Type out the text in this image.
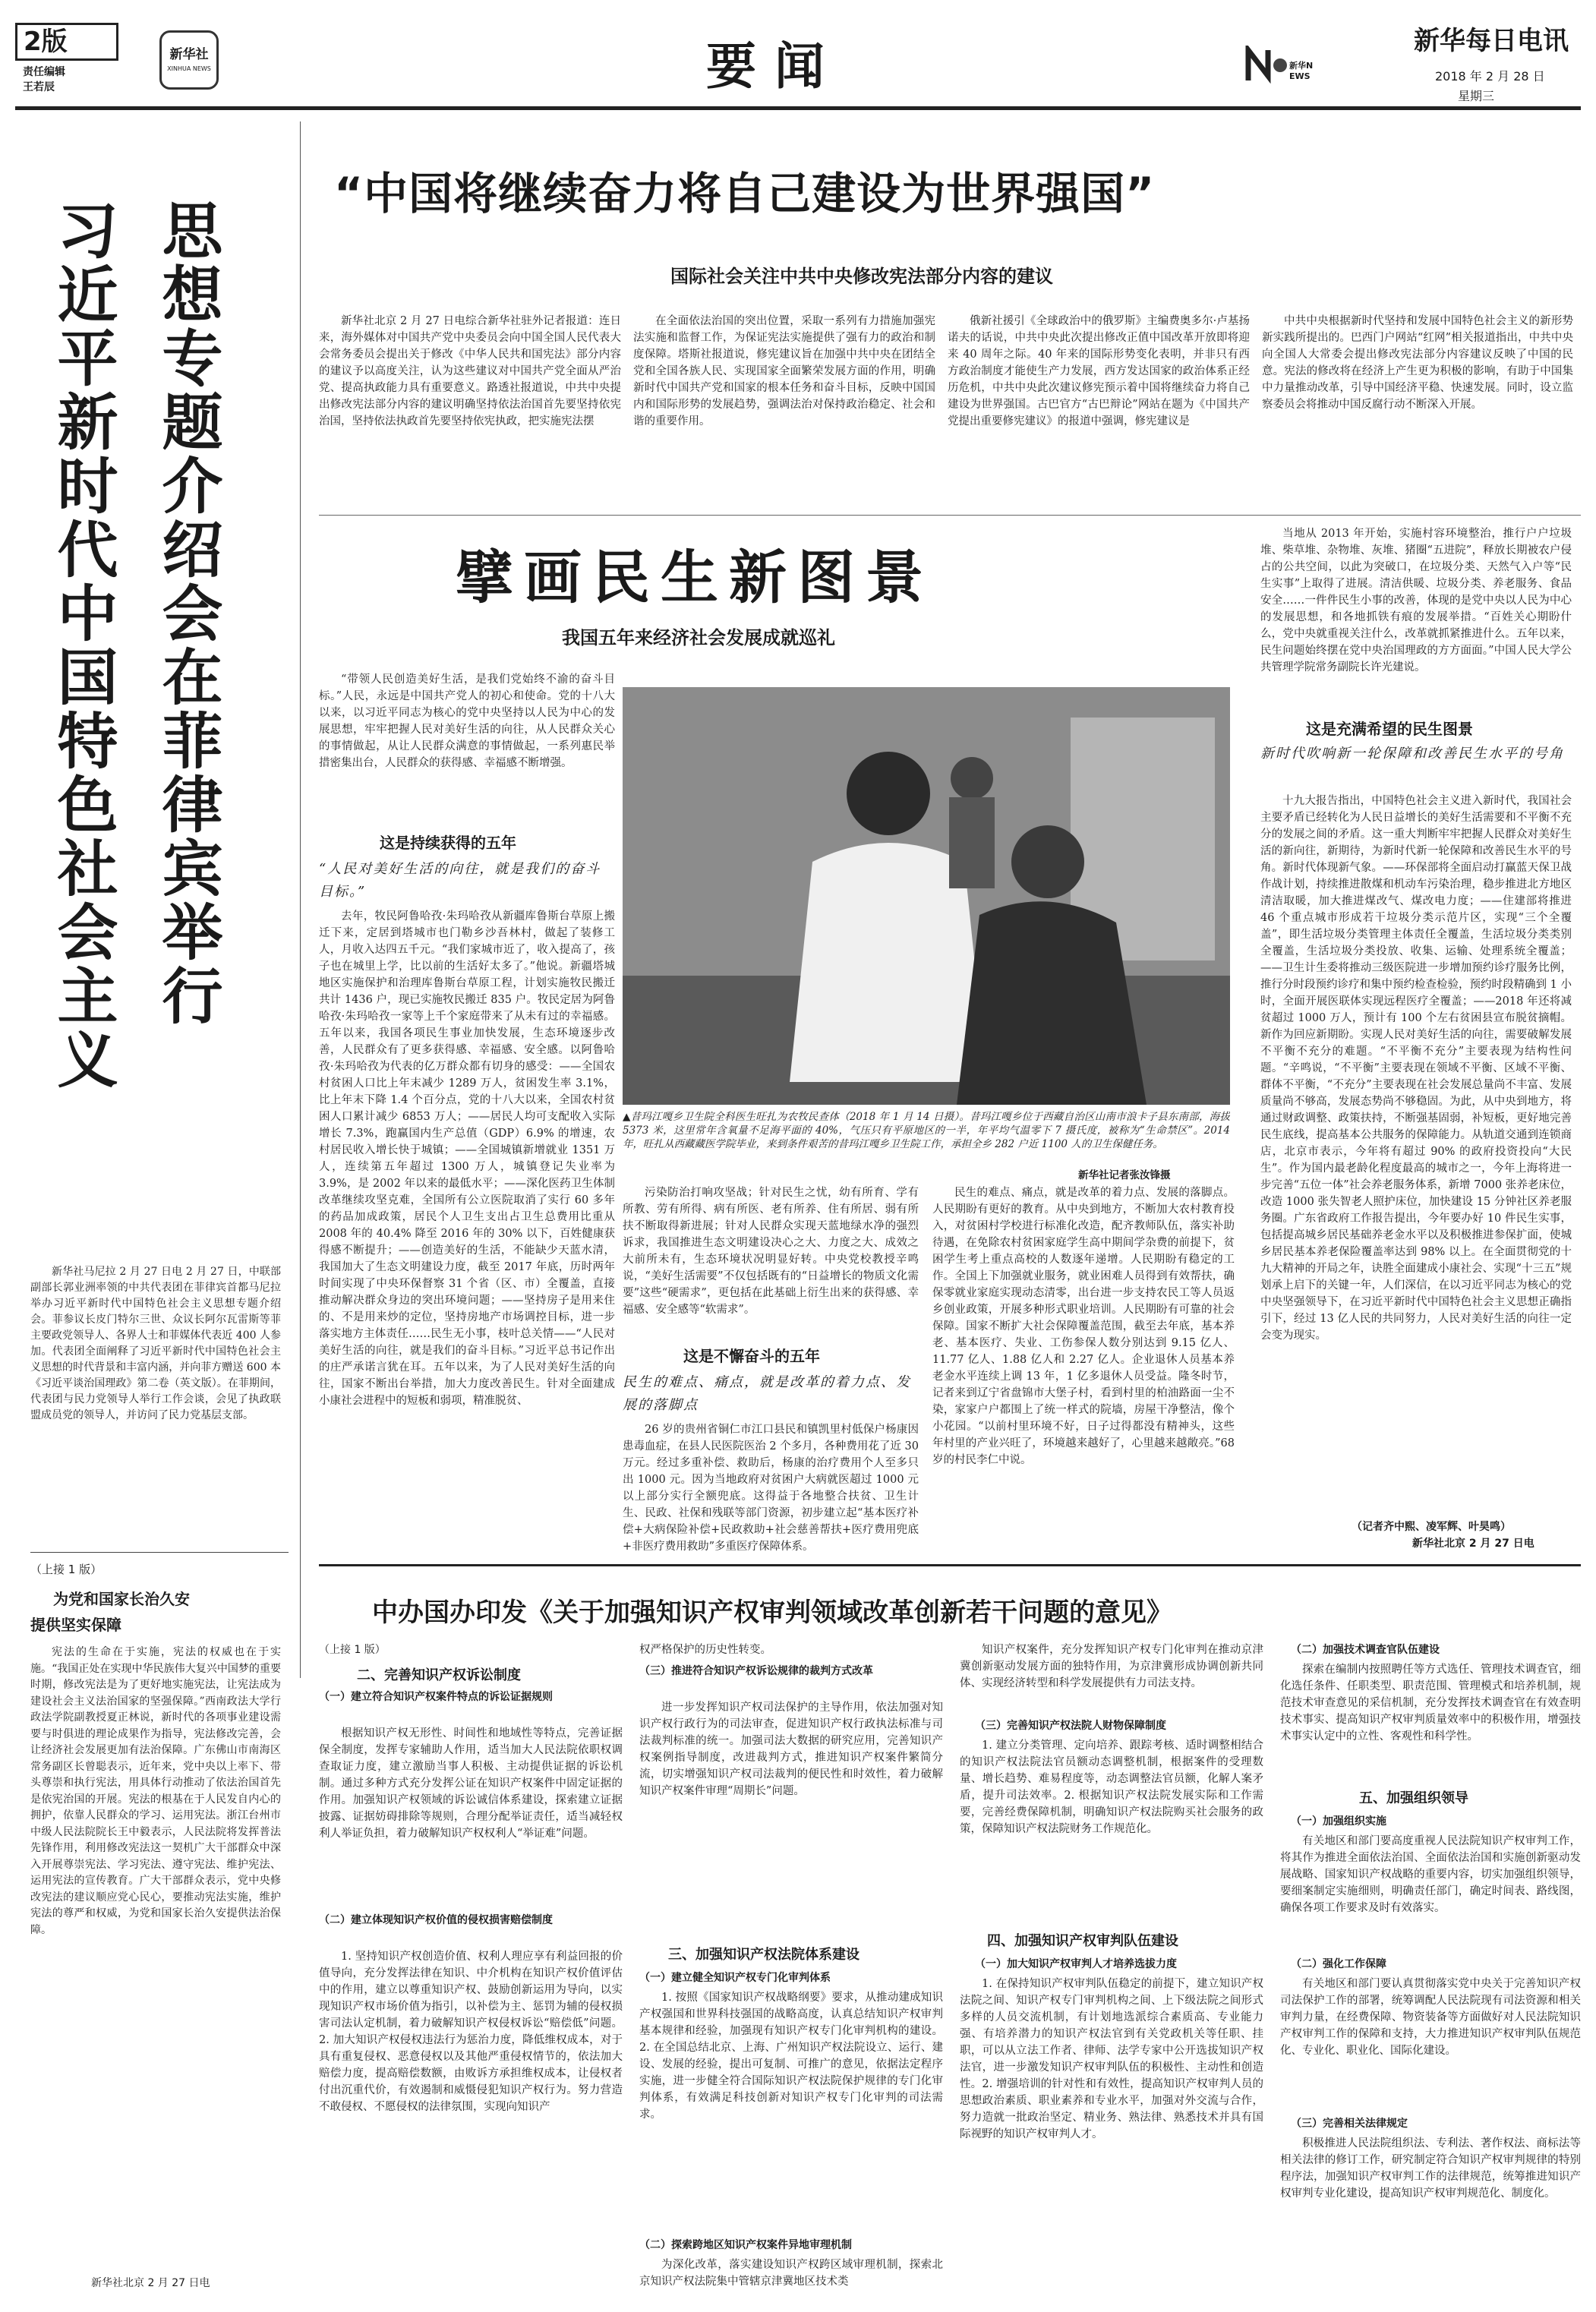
2版
责任编辑
王若辰
新华社
XINHUA NEWS	要闻	新华N EWS
新华每日电讯
2018 年 2 月 28 日
星期三
“中国将继续奋力将自己建设为世界强国”
国际社会关注中共中央修改宪法部分内容的建议

新华社北京 2 月 27 日电综合新华社驻外记者报道：连日来，海外媒体对中国共产党中央委员会向中国全国人民代表大会常务委员会提出关于修改《中华人民共和国宪法》部分内容的建议予以高度关注，认为这些建议对中国共产党全面从严治党、提高执政能力具有重要意义。路透社报道说，中共中央提出修改宪法部分内容的建议明确坚持依法治国首先要坚持依宪治国，坚持依法执政首先要坚持依宪执政，把实施宪法摆

在全面依法治国的突出位置，采取一系列有力措施加强宪法实施和监督工作，为保证宪法实施提供了强有力的政治和制度保障。塔斯社报道说，修宪建议旨在加强中共中央在团结全党和全国各族人民、实现国家全面繁荣发展方面的作用，明确新时代中国共产党和国家的根本任务和奋斗目标，反映中国国内和国际形势的发展趋势，强调法治对保持政治稳定、社会和谐的重要作用。

俄新社援引《全球政治中的俄罗斯》主编费奥多尔·卢基扬诺夫的话说，中共中央此次提出修改正值中国改革开放即将迎来 40 周年之际。40 年来的国际形势变化表明，并非只有西方政治制度才能使生产力发展，西方发达国家的政治体系正经历危机，中共中央此次建议修宪预示着中国将继续奋力将自己建设为世界强国。古巴官方“古巴辩论”网站在题为《中国共产党提出重要修宪建议》的报道中强调，修宪建议是

中共中央根据新时代坚持和发展中国特色社会主义的新形势新实践所提出的。巴西门户网站“红网”相关报道指出，中共中央向全国人大常委会提出修改宪法部分内容建议反映了中国的民意。宪法的修改将在经济上产生更为积极的影响，有助于中国集中力量推动改革，引导中国经济平稳、快速发展。同时，设立监察委员会将推动中国反腐行动不断深入开展。

习近平新时代中国特色社会主义 思想专题介绍会在菲律宾举行

新华社马尼拉 2 月 27 日电 2 月 27 日，中联部副部长郭业洲率领的中共代表团在菲律宾首都马尼拉举办习近平新时代中国特色社会主义思想专题介绍会。菲参议长皮门特尔三世、众议长阿尔瓦雷斯等菲主要政党领导人、各界人士和菲媒体代表近 400 人参加。代表团全面阐释了习近平新时代中国特色社会主义思想的时代背景和丰富内涵，并向菲方赠送 600 本《习近平谈治国理政》第二卷（英文版）。在菲期间，代表团与民力党领导人举行工作会谈，会见了执政联盟成员党的领导人，并访问了民力党基层支部。

（上接 1 版）
为党和国家长治久安
提供坚实保障

宪法的生命在于实施，宪法的权威也在于实施。“我国正处在实现中华民族伟大复兴中国梦的重要时期，修改宪法是为了更好地实施宪法，让宪法成为建设社会主义法治国家的坚强保障。”西南政法大学行政法学院副教授夏正林说，新时代的各项事业建设需要与时俱进的理论成果作为指导，宪法修改完善，会让经济社会发展更加有法治保障。广东佛山市南海区常务副区长曾聪表示，近年来，党中央以上率下、带头尊崇和执行宪法，用具体行动推动了依法治国首先是依宪治国的开展。宪法的根基在于人民发自内心的拥护，依靠人民群众的学习、运用宪法。浙江台州市中级人民法院院长王中毅表示，人民法院将发挥普法先锋作用，利用修改宪法这一契机广大干部群众中深入开展尊崇宪法、学习宪法、遵守宪法、维护宪法、运用宪法的宣传教育。广大干部群众表示，党中央修改宪法的建议顺应党心民心，要推动宪法实施，维护宪法的尊严和权威，为党和国家长治久安提供法治保障。

新华社北京 2 月 27 日电
擘画民生新图景
我国五年来经济社会发展成就巡礼

“带领人民创造美好生活，是我们党始终不渝的奋斗目标。”人民，永远是中国共产党人的初心和使命。党的十八大以来，以习近平同志为核心的党中央坚持以人民为中心的发展思想，牢牢把握人民对美好生活的向往，从人民群众关心的事情做起，从让人民群众满意的事情做起，一系列惠民举措密集出台，人民群众的获得感、幸福感不断增强。

这是持续获得的五年
“人民对美好生活的向往，就是我们的奋斗目标。”

去年，牧民阿鲁哈孜·朱玛哈孜从新疆库鲁斯台草原上搬迁下来，定居到塔城市也门勒乡沙吾林村，做起了装修工人，月收入达四五千元。“我们家城市近了，收入提高了，孩子也在城里上学，比以前的生活好太多了。”他说。新疆塔城地区实施保护和治理库鲁斯台草原工程，计划实施牧民搬迁共计 1436 户，现已实施牧民搬迁 835 户。牧民定居为阿鲁哈孜·朱玛哈孜一家等上千个家庭带来了从未有过的幸福感。五年以来，我国各项民生事业加快发展，生态环境逐步改善，人民群众有了更多获得感、幸福感、安全感。以阿鲁哈孜·朱玛哈孜为代表的亿万群众都有切身的感受：——全国农村贫困人口比上年末减少 1289 万人，贫困发生率 3.1%，比上年末下降 1.4 个百分点，党的十八大以来，全国农村贫困人口累计减少 6853 万人；——居民人均可支配收入实际增长 7.3%，跑赢国内生产总值（GDP）6.9% 的增速，农村居民收入增长快于城镇；——全国城镇新增就业 1351 万人，连续第五年超过 1300 万人，城镇登记失业率为 3.9%，是 2002 年以来的最低水平；——深化医药卫生体制改革继续攻坚克难，全国所有公立医院取消了实行 60 多年的药品加成政策，居民个人卫生支出占卫生总费用比重从 2008 年的 40.4% 降至 2016 年的 30% 以下，百姓健康获得感不断提升；——创造美好的生活，不能缺少天蓝水清，我国加大了生态文明建设力度，截至 2017 年底，历时两年时间实现了中央环保督察 31 个省（区、市）全覆盖，直接推动解决群众身边的突出环境问题；——坚持房子是用来住的、不是用来炒的定位，坚持房地产市场调控目标，进一步落实地方主体责任……民生无小事，枝叶总关情——“人民对美好生活的向往，就是我们的奋斗目标。”习近平总书记作出的庄严承诺言犹在耳。五年以来，为了人民对美好生活的向往，国家不断出台举措，加大力度改善民生。针对全面建成小康社会进程中的短板和弱项，精准脱贫、

▲昔玛江嘎乡卫生院全科医生旺扎为农牧民查体（2018 年 1 月 14 日摄）。昔玛江嘎乡位于西藏自治区山南市浪卡子县东南部，海拔 5373 米，这里常年含氧量不足海平面的 40%，气压只有平原地区的一半，年平均气温零下 7 摄氏度，被称为“生命禁区”。2014 年，旺扎从西藏藏医学院毕业，来到条件艰苦的昔玛江嘎乡卫生院工作，承担全乡 282 户近 1100 人的卫生保健任务。
新华社记者张汝锋摄

污染防治打响攻坚战；针对民生之忧，幼有所育、学有所教、劳有所得、病有所医、老有所养、住有所居、弱有所扶不断取得新进展；针对人民群众实现天蓝地绿水净的强烈诉求，我国推进生态文明建设决心之大、力度之大、成效之大前所未有，生态环境状况明显好转。中央党校教授辛鸣说，“美好生活需要”不仅包括既有的“日益增长的物质文化需要”这些“硬需求”，更包括在此基础上衍生出来的获得感、幸福感、安全感等“软需求”。

这是不懈奋斗的五年
民生的难点、痛点，就是改革的着力点、发展的落脚点

26 岁的贵州省铜仁市江口县民和镇凯里村低保户杨康因患毒血症，在县人民医院医治 2 个多月，各种费用花了近 30 万元。经过多重补偿、救助后，杨康的治疗费用个人至多只出 1000 元。因为当地政府对贫困户大病就医超过 1000 元以上部分实行全额兜底。这得益于各地整合扶贫、卫生计生、民政、社保和残联等部门资源，初步建立起“基本医疗补偿+大病保险补偿+民政救助+社会慈善帮扶+医疗费用兜底+非医疗费用救助”多重医疗保障体系。

民生的难点、痛点，就是改革的着力点、发展的落脚点。人民期盼有更好的教育。从中央到地方，不断加大农村教育投入，对贫困村学校进行标准化改造，配齐教师队伍，落实补助待遇，在免除农村贫困家庭学生高中期间学杂费的前提下，贫困学生考上重点高校的人数逐年递增。人民期盼有稳定的工作。全国上下加强就业服务，就业困难人员得到有效帮扶，确保零就业家庭实现动态清零，出台进一步支持农民工等人员返乡创业政策，开展多种形式职业培训。人民期盼有可靠的社会保障。国家不断扩大社会保障覆盖范围，截至去年底，基本养老、基本医疗、失业、工伤参保人数分别达到 9.15 亿人、11.77 亿人、1.88 亿人和 2.27 亿人。企业退休人员基本养老金水平连续上调 13 年，1 亿多退休人员受益。隆冬时节，记者来到辽宁省盘锦市大堡子村，看到村里的柏油路面一尘不染，家家户户都围上了统一样式的院墙，房屋干净整洁，像个小花园。“以前村里环境不好，日子过得都没有精神头，这些年村里的产业兴旺了，环境越来越好了，心里越来越敞亮。”68 岁的村民李仁中说。

当地从 2013 年开始，实施村容环境整治，推行户户垃圾堆、柴草堆、杂物堆、灰堆、猪圈“五进院”，释放长期被农户侵占的公共空间，以此为突破口，在垃圾分类、天然气入户等“民生实事”上取得了进展。清洁供暖、垃圾分类、养老服务、食品安全……一件件民生小事的改善，体现的是党中央以人民为中心的发展思想，和各地抓铁有痕的发展举措。“百姓关心期盼什么，党中央就重视关注什么，改革就抓紧推进什么。五年以来，民生问题始终摆在党中央治国理政的方方面面。”中国人民大学公共管理学院常务副院长许光建说。

这是充满希望的民生图景
新时代吹响新一轮保障和改善民生水平的号角

十九大报告指出，中国特色社会主义进入新时代，我国社会主要矛盾已经转化为人民日益增长的美好生活需要和不平衡不充分的发展之间的矛盾。这一重大判断牢牢把握人民群众对美好生活的新向往，新期待，为新时代新一轮保障和改善民生水平的号角。新时代体现新气象。——环保部将全面启动打赢蓝天保卫战作战计划，持续推进散煤和机动车污染治理，稳步推进北方地区清洁取暖，加大推进煤改气、煤改电力度；——住建部将推进 46 个重点城市形成若干垃圾分类示范片区，实现“三个全覆盖”，即生活垃圾分类管理主体责任全覆盖，生活垃圾分类类别全覆盖，生活垃圾分类投放、收集、运输、处理系统全覆盖；——卫生计生委将推动三级医院进一步增加预约诊疗服务比例，推行分时段预约诊疗和集中预约检查检验，预约时段精确到 1 小时，全面开展医联体实现远程医疗全覆盖；——2018 年还将减贫超过 1000 万人，预计有 100 个左右贫困县宣布脱贫摘帽。新作为回应新期盼。实现人民对美好生活的向往，需要破解发展不平衡不充分的难题。“不平衡不充分”主要表现为结构性问题。“辛鸣说，“不平衡”主要表现在领域不平衡、区域不平衡、群体不平衡，“不充分”主要表现在社会发展总量尚不丰富、发展质量尚不够高，发展态势尚不够稳固。为此，从中央到地方，将通过财政调整、政策扶持，不断强基固弱，补短板，更好地完善民生底线，提高基本公共服务的保障能力。从轨道交通到连锁商店，北京市表示，今年将有超过 90% 的政府投资投向“大民生”。作为国内最老龄化程度最高的城市之一，今年上海将进一步完善“五位一体”社会养老服务体系，新增 7000 张养老床位，改造 1000 张失智老人照护床位，加快建设 15 分钟社区养老服务圈。广东省政府工作报告提出，今年要办好 10 件民生实事，包括提高城乡居民基础养老金水平以及积极推进参保扩面，使城乡居民基本养老保险覆盖率达到 98% 以上。在全面贯彻党的十九大精神的开局之年，诀胜全面建成小康社会、实现“十三五”规划承上启下的关键一年，人们深信，在以习近平同志为核心的党中央坚强领导下，在习近平新时代中国特色社会主义思想正确指引下，经过 13 亿人民的共同努力，人民对美好生活的向往一定会变为现实。

（记者齐中熙、凌军辉、叶昊鸣）
新华社北京 2 月 27 日电
中办国办印发《关于加强知识产权审判领域改革创新若干问题的意见》
（上接 1 版）
二、完善知识产权诉讼制度
（一）建立符合知识产权案件特点的诉讼证据规则

根据知识产权无形性、时间性和地域性等特点，完善证据保全制度，发挥专家辅助人作用，适当加大人民法院依职权调查取证力度，建立激励当事人积极、主动提供证据的诉讼机制。通过多种方式充分发挥公证在知识产权案件中固定证据的作用。加强知识产权领域的诉讼诚信体系建设，探索建立证据披露、证据妨碍排除等规则，合理分配举证责任，适当减轻权利人举证负担，着力破解知识产权权利人“举证难”问题。

（二）建立体现知识产权价值的侵权损害赔偿制度

1. 坚持知识产权创造价值、权利人理应享有利益回报的价值导向，充分发挥法律在知识、中介机构在知识产权价值评估中的作用，建立以尊重知识产权、鼓励创新运用为导向，以实现知识产权市场价值为指引，以补偿为主、惩罚为辅的侵权损害司法认定机制，着力破解知识产权侵权诉讼“赔偿低”问题。2. 加大知识产权侵权违法行为惩治力度，降低维权成本，对于具有重复侵权、恶意侵权以及其他严重侵权情节的，依法加大赔偿力度，提高赔偿数额，由败诉方承担维权成本，让侵权者付出沉重代价，有效遏制和威慑侵犯知识产权行为。努力营造不敢侵权、不愿侵权的法律氛围，实现向知识产

权严格保护的历史性转变。
（三）推进符合知识产权诉讼规律的裁判方式改革

进一步发挥知识产权司法保护的主导作用，依法加强对知识产权行政行为的司法审查，促进知识产权行政执法标准与司法裁判标准的统一。加强司法大数据的研究应用，完善知识产权案例指导制度，改进裁判方式，推进知识产权案件繁简分流，切实增强知识产权司法裁判的便民性和时效性，着力破解知识产权案件审理“周期长”问题。

三、加强知识产权法院体系建设
（一）建立健全知识产权专门化审判体系

1. 按照《国家知识产权战略纲要》要求，从推动建成知识产权强国和世界科技强国的战略高度，认真总结知识产权审判基本规律和经验，加强现有知识产权专门化审判机构的建设。2. 在全国总结北京、上海、广州知识产权法院设立、运行、建设、发展的经验，提出可复制、可推广的意见，依据法定程序实施，进一步健全符合国际知识产权法院保护规律的专门化审判体系，有效满足科技创新对知识产权专门化审判的司法需求。

（二）探索跨地区知识产权案件异地审理机制

为深化改革，落实建设知识产权跨区域审理机制，探索北京知识产权法院集中管辖京津冀地区技术类

知识产权案件，充分发挥知识产权专门化审判在推动京津冀创新驱动发展方面的独特作用，为京津冀形成协调创新共同体、实现经济转型和科学发展提供有力司法支持。

（三）完善知识产权法院人财物保障制度

1. 建立分类管理、定向培养、跟踪考核、适时调整相结合的知识产权法院法官员额动态调整机制，根据案件的受理数量、增长趋势、难易程度等，动态调整法官员额，化解人案矛盾，提升司法效率。2. 根据知识产权法院发展实际和工作需要，完善经费保障机制，明确知识产权法院购买社会服务的政策，保障知识产权法院财务工作规范化。

四、加强知识产权审判队伍建设
（一）加大知识产权审判人才培养选拔力度

1. 在保持知识产权审判队伍稳定的前提下，建立知识产权法院之间、知识产权专门审判机构之间、上下级法院之间形式多样的人员交流机制，有计划地选派综合素质高、专业能力强、有培养潜力的知识产权法官到有关党政机关等任职、挂职，可以从立法工作者、律师、法学专家中公开选拔知识产权法官，进一步激发知识产权审判队伍的积极性、主动性和创造性。2. 增强培训的针对性和有效性，提高知识产权审判人员的思想政治素质、职业素养和专业水平，加强对外交流与合作，努力造就一批政治坚定、精业务、熟法律、熟悉技术并具有国际视野的知识产权审判人才。

（二）加强技术调查官队伍建设

探索在编制内按照聘任等方式选任、管理技术调查官，细化选任条件、任职类型、职责范围、管理模式和培养机制，规范技术审查意见的采信机制，充分发挥技术调查官在有效查明技术事实、提高知识产权审判质量效率中的积极作用，增强技术事实认定中的立性、客观性和科学性。

五、加强组织领导
（一）加强组织实施

有关地区和部门要高度重视人民法院知识产权审判工作，将其作为推进全面依法治国、全面依法治国和实施创新驱动发展战略、国家知识产权战略的重要内容，切实加强组织领导，要细案制定实施细则，明确责任部门，确定时间表、路线图，确保各项工作要求及时有效落实。

（二）强化工作保障

有关地区和部门要认真贯彻落实党中央关于完善知识产权司法保护工作的部署，统筹调配人民法院现有司法资源和相关审判力量，在经费保障、物资装备等方面做好对人民法院知识产权审判工作的保障和支持，大力推进知识产权审判队伍规范化、专业化、职业化、国际化建设。

（三）完善相关法律规定

积极推进人民法院组织法、专利法、著作权法、商标法等相关法律的修订工作，研究制定符合知识产权审判规律的特别程序法，加强知识产权审判工作的法律规范，统筹推进知识产权审判专业化建设，提高知识产权审判规范化、制度化。
